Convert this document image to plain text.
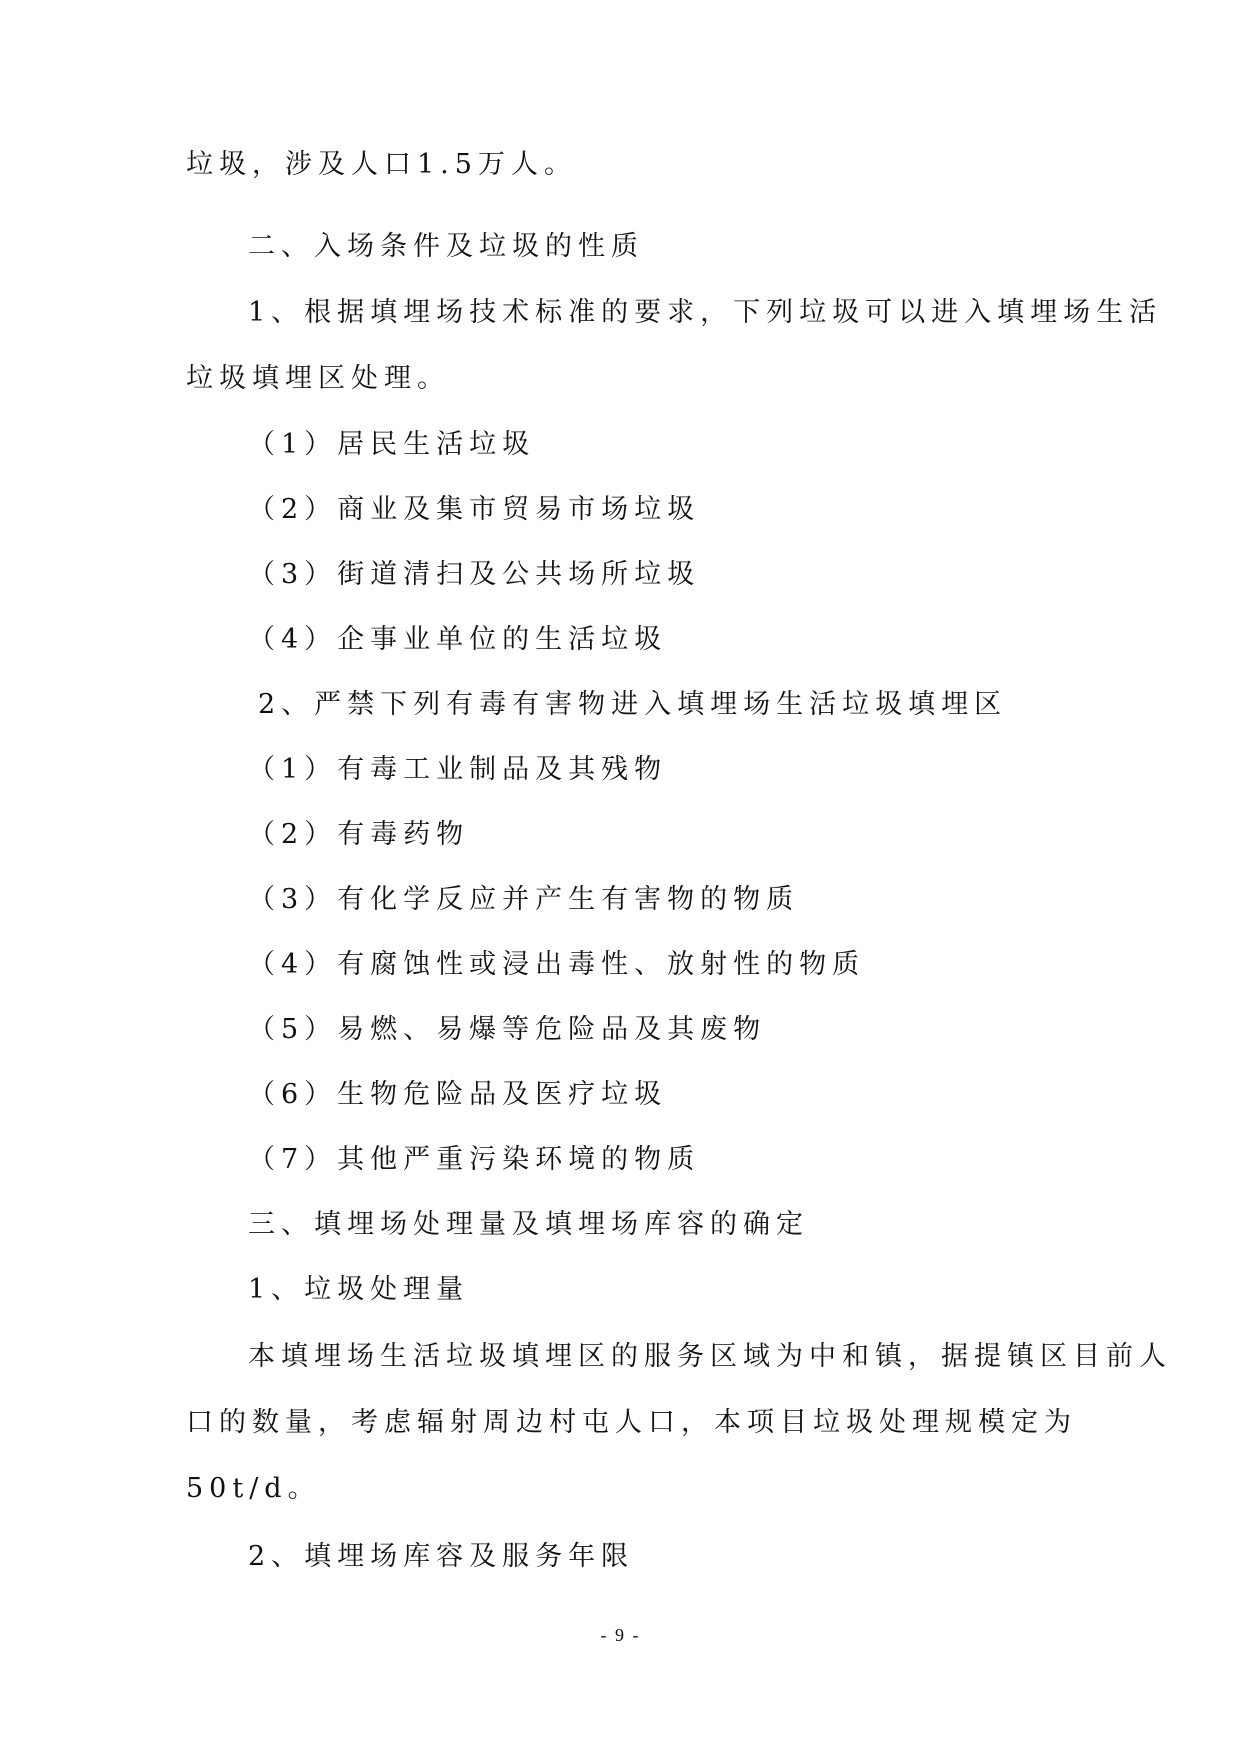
垃圾，涉及人口1.5万人。
二、入场条件及垃圾的性质
1、根据填埋场技术标准的要求，下列垃圾可以进入填埋场生活
垃圾填埋区处理。
（1）居民生活垃圾
（2）商业及集市贸易市场垃圾
（3）街道清扫及公共场所垃圾
（4）企事业单位的生活垃圾
2、严禁下列有毒有害物进入填埋场生活垃圾填埋区
（1）有毒工业制品及其残物
（2）有毒药物
（3）有化学反应并产生有害物的物质
（4）有腐蚀性或浸出毒性、放射性的物质
（5）易燃、易爆等危险品及其废物
（6）生物危险品及医疗垃圾
（7）其他严重污染环境的物质
三、填埋场处理量及填埋场库容的确定
1、垃圾处理量
本填埋场生活垃圾填埋区的服务区域为中和镇，据提镇区目前人
口的数量，考虑辐射周边村屯人口，本项目垃圾处理规模定为
50t/d。
2、填埋场库容及服务年限
- 9 -
